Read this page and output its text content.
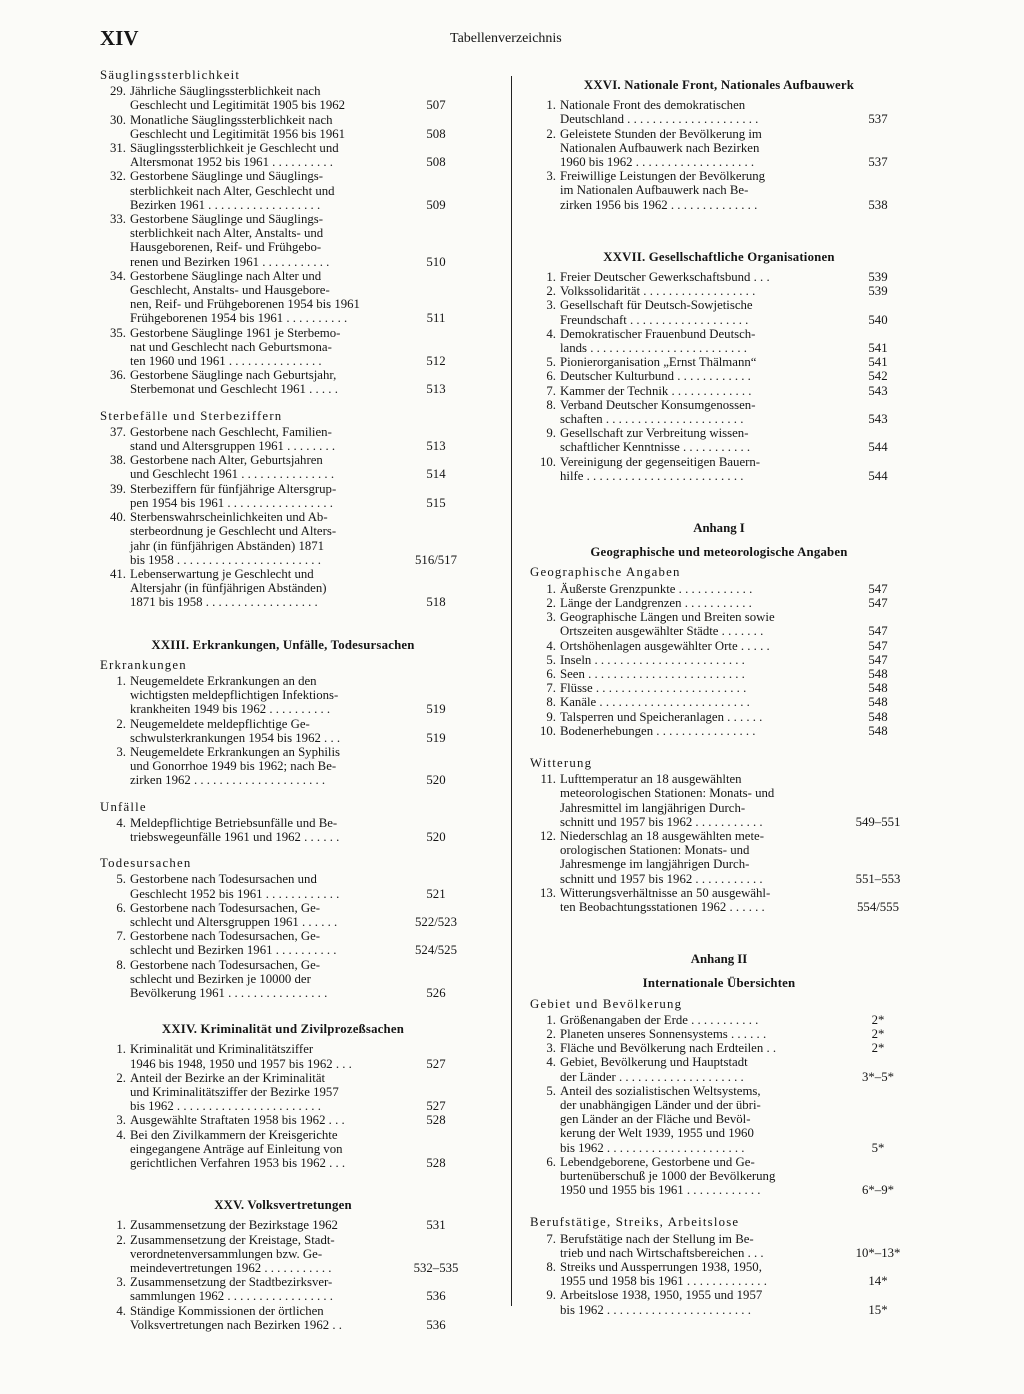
XIV	Tabellenverzeichnis
Säuglingssterblichkeit
29. Jährliche Säuglingssterblichkeit nach
Geschlecht und Legitimität 1905 bis 1962	507
30. Monatliche Säuglingssterblichkeit nach
Geschlecht und Legitimität 1956 bis 1961	508
31. Säuglingssterblichkeit je Geschlecht und
Altersmonat 1952 bis 1961 . . . . . . . . . .	508
32. Gestorbene Säuglinge und Säuglings-
sterblichkeit nach Alter, Geschlecht und
Bezirken 1961 . . . . . . . . . . . . . . . . . .	509
33. Gestorbene Säuglinge und Säuglings-
sterblichkeit nach Alter, Anstalts- und
Hausgeborenen, Reif- und Frühgebo-
renen und Bezirken 1961 . . . . . . . . . . .	510
34. Gestorbene Säuglinge nach Alter und
Geschlecht, Anstalts- und Hausgebore-
nen, Reif- und Frühgeborenen 1954 bis 1961
Frühgeborenen 1954 bis 1961 . . . . . . . . . .	511
35. Gestorbene Säuglinge 1961 je Sterbemo-
nat und Geschlecht nach Geburtsmona-
ten 1960 und 1961 . . . . . . . . . . . . . . .	512
36. Gestorbene Säuglinge nach Geburtsjahr,
Sterbemonat und Geschlecht 1961 . . . . .	513
Sterbefälle und Sterbeziffern
37. Gestorbene nach Geschlecht, Familien-
stand und Altersgruppen 1961 . . . . . . . .	513
38. Gestorbene nach Alter, Geburtsjahren
und Geschlecht 1961 . . . . . . . . . . . . . . .	514
39. Sterbeziffern für fünfjährige Altersgrup-
pen 1954 bis 1961 . . . . . . . . . . . . . . . . .	515
40. Sterbenswahrscheinlichkeiten und Ab-
sterbeordnung je Geschlecht und Alters-
jahr (in fünfjährigen Abständen) 1871
bis 1958 . . . . . . . . . . . . . . . . . . . . . . .	516/517
41. Lebenserwartung je Geschlecht und
Altersjahr (in fünfjährigen Abständen)
1871 bis 1958 . . . . . . . . . . . . . . . . . .	518
XXIII. Erkrankungen, Unfälle, Todesursachen
Erkrankungen
1. Neugemeldete Erkrankungen an den
wichtigsten meldepflichtigen Infektions-
krankheiten 1949 bis 1962 . . . . . . . . . .	519
2. Neugemeldete meldepflichtige Ge-
schwulsterkrankungen 1954 bis 1962 . . .	519
3. Neugemeldete Erkrankungen an Syphilis
und Gonorrhoe 1949 bis 1962; nach Be-
zirken 1962 . . . . . . . . . . . . . . . . . . . . .	520
Unfälle
4. Meldepflichtige Betriebsunfälle und Be-
triebswegeunfälle 1961 und 1962 . . . . . .	520
Todesursachen
5. Gestorbene nach Todesursachen und
Geschlecht 1952 bis 1961 . . . . . . . . . . . .	521
6. Gestorbene nach Todesursachen, Ge-
schlecht und Altersgruppen 1961 . . . . . .	522/523
7. Gestorbene nach Todesursachen, Ge-
schlecht und Bezirken 1961 . . . . . . . . . .	524/525
8. Gestorbene nach Todesursachen, Ge-
schlecht und Bezirken je 10000 der
Bevölkerung 1961 . . . . . . . . . . . . . . . .	526
XXIV. Kriminalität und Zivilprozeßsachen
1. Kriminalität und Kriminalitätsziffer
1946 bis 1948, 1950 und 1957 bis 1962 . . .	527
2. Anteil der Bezirke an der Kriminalität
und Kriminalitätsziffer der Bezirke 1957
bis 1962 . . . . . . . . . . . . . . . . . . . . . . .	527
3. Ausgewählte Straftaten 1958 bis 1962 . . .	528
4. Bei den Zivilkammern der Kreisgerichte
eingegangene Anträge auf Einleitung von
gerichtlichen Verfahren 1953 bis 1962 . . .	528
XXV. Volksvertretungen
1. Zusammensetzung der Bezirkstage 1962	531
2. Zusammensetzung der Kreistage, Stadt-
verordnetenversammlungen bzw. Ge-
meindevertretungen 1962 . . . . . . . . . . .	532–535
3. Zusammensetzung der Stadtbezirksver-
sammlungen 1962 . . . . . . . . . . . . . . . . .	536
4. Ständige Kommissionen der örtlichen
Volksvertretungen nach Bezirken 1962 . .	536
XXVI. Nationale Front, Nationales Aufbauwerk
1. Nationale Front des demokratischen
Deutschland . . . . . . . . . . . . . . . . . . . . .	537
2. Geleistete Stunden der Bevölkerung im
Nationalen Aufbauwerk nach Bezirken
1960 bis 1962 . . . . . . . . . . . . . . . . . . .	537
3. Freiwillige Leistungen der Bevölkerung
im Nationalen Aufbauwerk nach Be-
zirken 1956 bis 1962 . . . . . . . . . . . . . .	538
XXVII. Gesellschaftliche Organisationen
1. Freier Deutscher Gewerkschaftsbund . . .	539
2. Volkssolidarität . . . . . . . . . . . . . . . . . .	539
3. Gesellschaft für Deutsch-Sowjetische
Freundschaft . . . . . . . . . . . . . . . . . . .	540
4. Demokratischer Frauenbund Deutsch-
lands . . . . . . . . . . . . . . . . . . . . . . . . .	541
5. Pionierorganisation „Ernst Thälmann“	541
6. Deutscher Kulturbund . . . . . . . . . . . .	542
7. Kammer der Technik . . . . . . . . . . . . .	543
8. Verband Deutscher Konsumgenossen-
schaften . . . . . . . . . . . . . . . . . . . . . .	543
9. Gesellschaft zur Verbreitung wissen-
schaftlicher Kenntnisse . . . . . . . . . . .	544
10. Vereinigung der gegenseitigen Bauern-
hilfe . . . . . . . . . . . . . . . . . . . . . . . . .	544
Anhang I
Geographische und meteorologische Angaben
Geographische Angaben
1. Äußerste Grenzpunkte . . . . . . . . . . . .	547
2. Länge der Landgrenzen . . . . . . . . . . .	547
3. Geographische Längen und Breiten sowie
Ortszeiten ausgewählter Städte . . . . . . .	547
4. Ortshöhenlagen ausgewählter Orte . . . . .	547
5. Inseln . . . . . . . . . . . . . . . . . . . . . . . .	547
6. Seen . . . . . . . . . . . . . . . . . . . . . . . . .	548
7. Flüsse . . . . . . . . . . . . . . . . . . . . . . . .	548
8. Kanäle . . . . . . . . . . . . . . . . . . . . . . . .	548
9. Talsperren und Speicheranlagen . . . . . .	548
10. Bodenerhebungen . . . . . . . . . . . . . . . .	548
Witterung
11. Lufttemperatur an 18 ausgewählten
meteorologischen Stationen: Monats- und
Jahresmittel im langjährigen Durch-
schnitt und 1957 bis 1962 . . . . . . . . . . .	549–551
12. Niederschlag an 18 ausgewählten mete-
orologischen Stationen: Monats- und
Jahresmenge im langjährigen Durch-
schnitt und 1957 bis 1962 . . . . . . . . . . .	551–553
13. Witterungsverhältnisse an 50 ausgewähl-
ten Beobachtungsstationen 1962 . . . . . .	554/555
Anhang II
Internationale Übersichten
Gebiet und Bevölkerung
1. Größenangaben der Erde . . . . . . . . . . .	2*
2. Planeten unseres Sonnensystems . . . . . .	2*
3. Fläche und Bevölkerung nach Erdteilen . .	2*
4. Gebiet, Bevölkerung und Hauptstadt
der Länder . . . . . . . . . . . . . . . . . . . .	3*–5*
5. Anteil des sozialistischen Weltsystems,
der unabhängigen Länder und der übri-
gen Länder an der Fläche und Bevöl-
kerung der Welt 1939, 1955 und 1960
bis 1962 . . . . . . . . . . . . . . . . . . . . . .	5*
6. Lebendgeborene, Gestorbene und Ge-
burtenüberschuß je 1000 der Bevölkerung
1950 und 1955 bis 1961 . . . . . . . . . . . .	6*–9*
Berufstätige, Streiks, Arbeitslose
7. Berufstätige nach der Stellung im Be-
trieb und nach Wirtschaftsbereichen . . .	10*–13*
8. Streiks und Aussperrungen 1938, 1950,
1955 und 1958 bis 1961 . . . . . . . . . . . . .	14*
9. Arbeitslose 1938, 1950, 1955 und 1957
bis 1962 . . . . . . . . . . . . . . . . . . . . . . .	15*
